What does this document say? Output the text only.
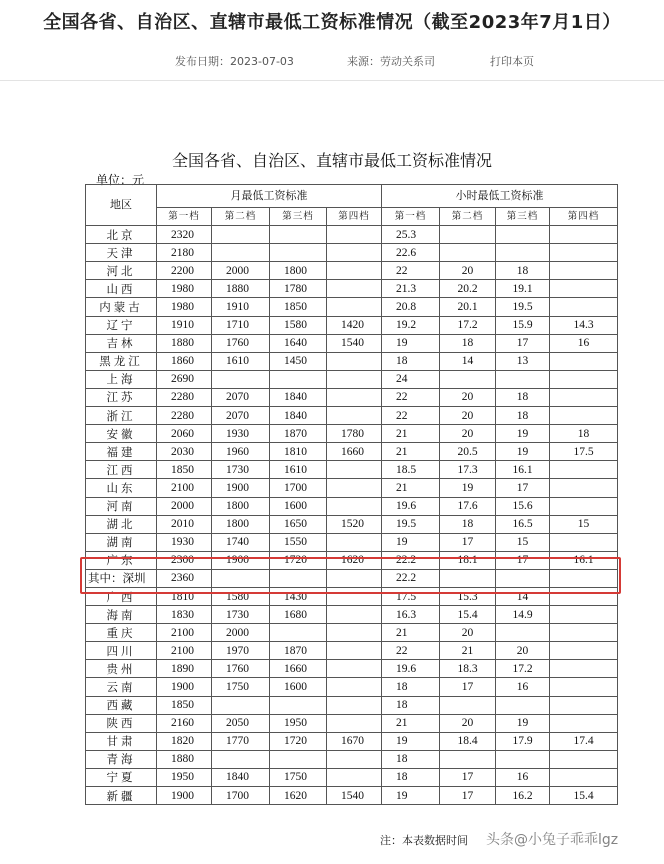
全国各省、自治区、直辖市最低工资标准情况（截至2023年7月1日）
发布日期：2023-07-03	来源：劳动关系司	打印本页
全国各省、自治区、直辖市最低工资标准情况
单位：元
地区	月最低工资标准				小时最低工资标准			
	第一档	第二档	第三档	第四档	第一档	第二档	第三档	第四档
北京	2320				25.3			
天津	2180				22.6			
河北	2200	2000	1800		22	20	18	
山西	1980	1880	1780		21.3	20.2	19.1	
内蒙古	1980	1910	1850		20.8	20.1	19.5	
辽宁	1910	1710	1580	1420	19.2	17.2	15.9	14.3
吉林	1880	1760	1640	1540	19	18	17	16
黑龙江	1860	1610	1450		18	14	13	
上海	2690				24			
江苏	2280	2070	1840		22	20	18	
浙江	2280	2070	1840		22	20	18	
安徽	2060	1930	1870	1780	21	20	19	18
福建	2030	1960	1810	1660	21	20.5	19	17.5
江西	1850	1730	1610		18.5	17.3	16.1	
山东	2100	1900	1700		21	19	17	
河南	2000	1800	1600		19.6	17.6	15.6	
湖北	2010	1800	1650	1520	19.5	18	16.5	15
湖南	1930	1740	1550		19	17	15	
广东	2300	1900	1720	1620	22.2	18.1	17	16.1
其中：深圳	2360				22.2			
广西	1810	1580	1430		17.5	15.3	14	
海南	1830	1730	1680		16.3	15.4	14.9	
重庆	2100	2000			21	20		
四川	2100	1970	1870		22	21	20	
贵州	1890	1760	1660		19.6	18.3	17.2	
云南	1900	1750	1600		18	17	16	
西藏	1850				18			
陕西	2160	2050	1950		21	20	19	
甘肃	1820	1770	1720	1670	19	18.4	17.9	17.4
青海	1880				18			
宁夏	1950	1840	1750		18	17	16	
新疆	1900	1700	1620	1540	19	17	16.2	15.4
注：本表数据时间 头条@小兔子乖乖lgz
